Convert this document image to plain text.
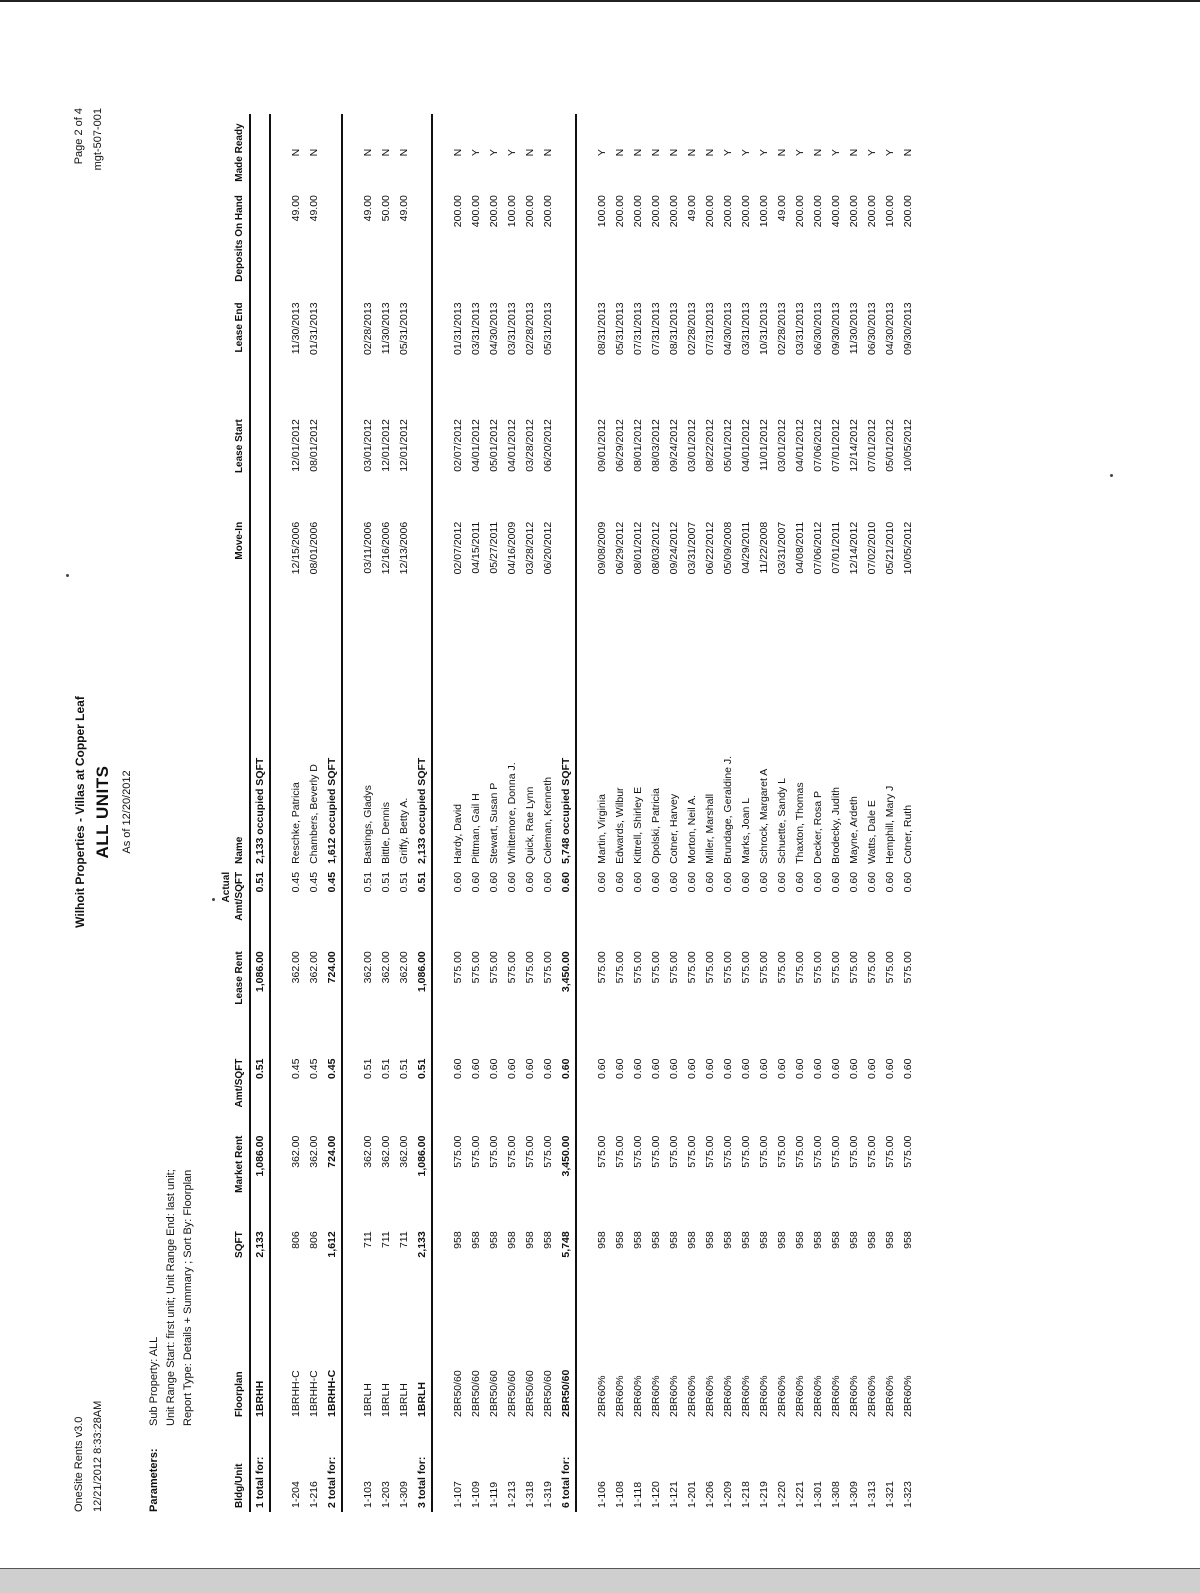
OneSite Rents v3.0 12/21/2012 8:33:28AM
Wilhoit Properties - Villas at Copper Leaf ALL UNITS As of 12/20/2012
Page 2 of 4 mgt-507-001
Parameters:
Sub Property: ALL Unit Range Start: first unit; Unit Range End: last unit; Report Type: Details + Summary ; Sort By: Floorplan
Bldg/Unit	Floorplan	SQFT	Market Rent	Amt/SQFT	Lease Rent	Actual Amt/SQFT	Name	Move-In	Lease Start	Lease End	Deposits On Hand	Made Ready
1 total for:	1BRHH	2,133	1,086.00	0.51	1,086.00	0.51	2,133 occupied SQFT					

1-204	1BRHH-C	806	362.00	0.45	362.00	0.45	Reschke, Patricia	12/15/2006	12/01/2012	11/30/2013	49.00	N
1-216	1BRHH-C	806	362.00	0.45	362.00	0.45	Chambers, Beverly D	08/01/2006	08/01/2012	01/31/2013	49.00	N
2 total for:	1BRHH-C	1,612	724.00	0.45	724.00	0.45	1,612 occupied SQFT					

1-103	1BRLH	711	362.00	0.51	362.00	0.51	Bastings, Gladys	03/11/2006	03/01/2012	02/28/2013	49.00	N
1-203	1BRLH	711	362.00	0.51	362.00	0.51	Bittle, Dennis	12/16/2006	12/01/2012	11/30/2013	50.00	N
1-309	1BRLH	711	362.00	0.51	362.00	0.51	Griffy, Betty A.	12/13/2006	12/01/2012	05/31/2013	49.00	N
3 total for:	1BRLH	2,133	1,086.00	0.51	1,086.00	0.51	2,133 occupied SQFT					

1-107	2BR50/60	958	575.00	0.60	575.00	0.60	Hardy, David	02/07/2012	02/07/2012	01/31/2013	200.00	N
1-109	2BR50/60	958	575.00	0.60	575.00	0.60	Pittman, Gail H	04/15/2011	04/01/2012	03/31/2013	400.00	Y
1-119	2BR50/60	958	575.00	0.60	575.00	0.60	Stewart, Susan P	05/27/2011	05/01/2012	04/30/2013	200.00	Y
1-213	2BR50/60	958	575.00	0.60	575.00	0.60	Whittemore, Donna J.	04/16/2009	04/01/2012	03/31/2013	100.00	Y
1-318	2BR50/60	958	575.00	0.60	575.00	0.60	Quick, Rae Lynn	03/28/2012	03/28/2012	02/28/2013	200.00	N
1-319	2BR50/60	958	575.00	0.60	575.00	0.60	Coleman, Kenneth	06/20/2012	06/20/2012	05/31/2013	200.00	N
6 total for:	2BR50/60	5,748	3,450.00	0.60	3,450.00	0.60	5,748 occupied SQFT					

1-106	2BR60%	958	575.00	0.60	575.00	0.60	Martin, Virginia	09/08/2009	09/01/2012	08/31/2013	100.00	Y
1-108	2BR60%	958	575.00	0.60	575.00	0.60	Edwards, Wilbur	06/29/2012	06/29/2012	05/31/2013	200.00	N
1-118	2BR60%	958	575.00	0.60	575.00	0.60	Kittrell, Shirley E	08/01/2012	08/01/2012	07/31/2013	200.00	N
1-120	2BR60%	958	575.00	0.60	575.00	0.60	Opolski, Patricia	08/03/2012	08/03/2012	07/31/2013	200.00	N
1-121	2BR60%	958	575.00	0.60	575.00	0.60	Cotner, Harvey	09/24/2012	09/24/2012	08/31/2013	200.00	N
1-201	2BR60%	958	575.00	0.60	575.00	0.60	Morton, Neil A.	03/31/2007	03/01/2012	02/28/2013	49.00	N
1-206	2BR60%	958	575.00	0.60	575.00	0.60	Miller, Marshall	06/22/2012	08/22/2012	07/31/2013	200.00	N
1-209	2BR60%	958	575.00	0.60	575.00	0.60	Brundage, Geraldine J.	05/09/2008	05/01/2012	04/30/2013	200.00	Y
1-218	2BR60%	958	575.00	0.60	575.00	0.60	Marks, Joan L	04/29/2011	04/01/2012	03/31/2013	200.00	Y
1-219	2BR60%	958	575.00	0.60	575.00	0.60	Schrock, Margaret A	11/22/2008	11/01/2012	10/31/2013	100.00	Y
1-220	2BR60%	958	575.00	0.60	575.00	0.60	Schuette, Sandy L	03/31/2007	03/01/2012	02/28/2013	49.00	N
1-221	2BR60%	958	575.00	0.60	575.00	0.60	Thaxton, Thomas	04/08/2011	04/01/2012	03/31/2013	200.00	Y
1-301	2BR60%	958	575.00	0.60	575.00	0.60	Decker, Rosa P	07/06/2012	07/06/2012	06/30/2013	200.00	N
1-308	2BR60%	958	575.00	0.60	575.00	0.60	Brodecky, Judith	07/01/2011	07/01/2012	09/30/2013	400.00	Y
1-309	2BR60%	958	575.00	0.60	575.00	0.60	Mayne, Ardeth	12/14/2012	12/14/2012	11/30/2013	200.00	N
1-313	2BR60%	958	575.00	0.60	575.00	0.60	Watts, Dale E	07/02/2010	07/01/2012	06/30/2013	200.00	Y
1-321	2BR60%	958	575.00	0.60	575.00	0.60	Hemphill, Mary J	05/21/2010	05/01/2012	04/30/2013	100.00	Y
1-323	2BR60%	958	575.00	0.60	575.00	0.60	Cotner, Ruth	10/05/2012	10/05/2012	09/30/2013	200.00	N
